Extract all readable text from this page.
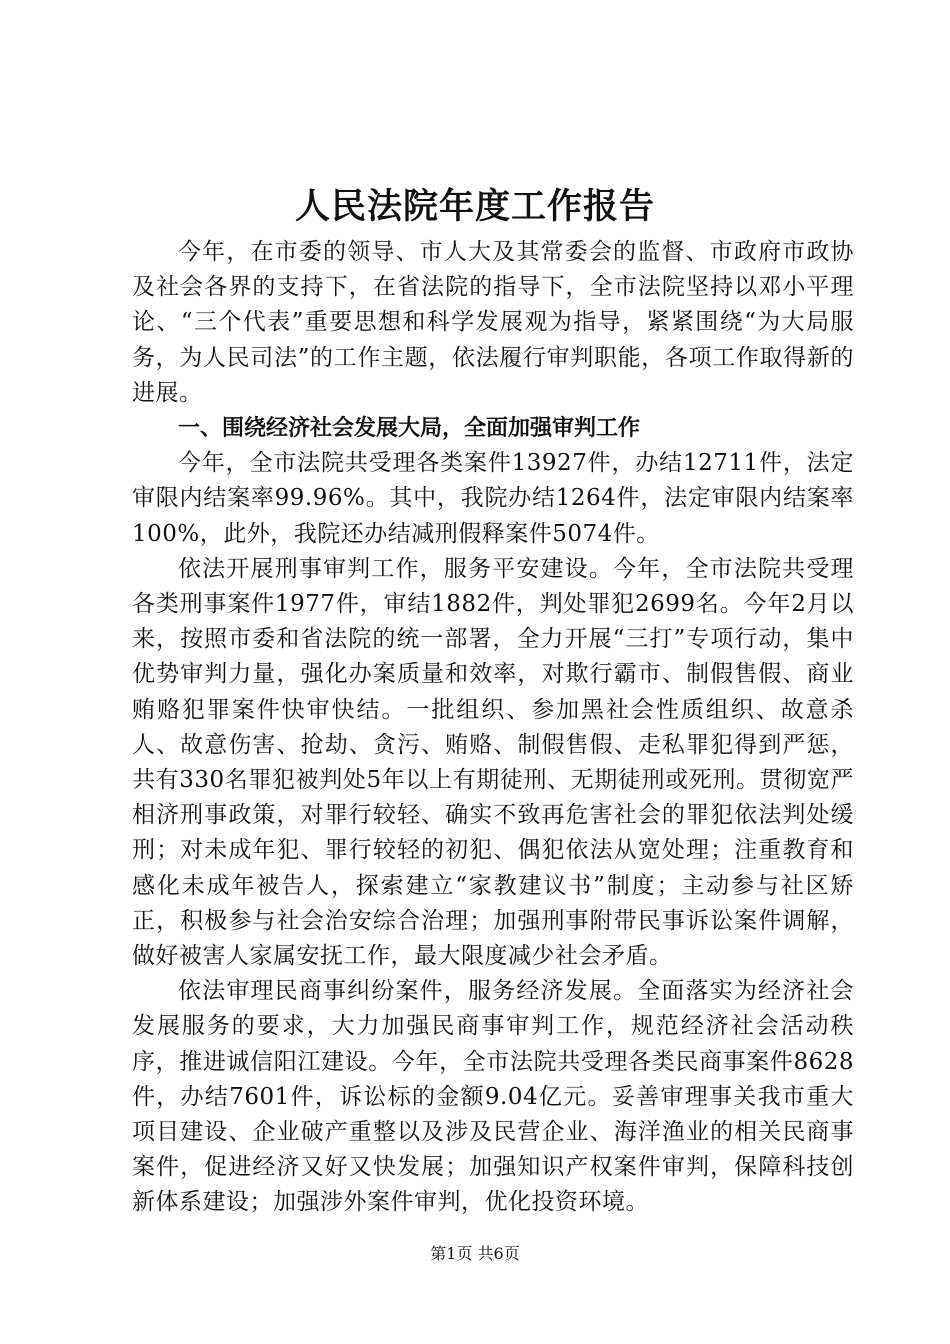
人民法院年度工作报告

今年，在市委的领导、市人大及其常委会的监督、市政府市政协及社会各界的支持下，在省法院的指导下，全市法院坚持以邓小平理论、“三个代表”重要思想和科学发展观为指导，紧紧围绕“为大局服务，为人民司法”的工作主题，依法履行审判职能，各项工作取得新的进展。

一、围绕经济社会发展大局，全面加强审判工作

今年，全市法院共受理各类案件13927件，办结12711件，法定审限内结案率99.96%。其中，我院办结1264件，法定审限内结案率100%，此外，我院还办结减刑假释案件5074件。

依法开展刑事审判工作，服务平安建设。今年，全市法院共受理各类刑事案件1977件，审结1882件，判处罪犯2699名。今年2月以来，按照市委和省法院的统一部署，全力开展“三打”专项行动，集中优势审判力量，强化办案质量和效率，对欺行霸市、制假售假、商业贿赂犯罪案件快审快结。一批组织、参加黑社会性质组织、故意杀人、故意伤害、抢劫、贪污、贿赂、制假售假、走私罪犯得到严惩，共有330名罪犯被判处5年以上有期徒刑、无期徒刑或死刑。贯彻宽严相济刑事政策，对罪行较轻、确实不致再危害社会的罪犯依法判处缓刑；对未成年犯、罪行较轻的初犯、偶犯依法从宽处理；注重教育和感化未成年被告人，探索建立“家教建议书”制度；主动参与社区矫正，积极参与社会治安综合治理；加强刑事附带民事诉讼案件调解，做好被害人家属安抚工作，最大限度减少社会矛盾。

依法审理民商事纠纷案件，服务经济发展。全面落实为经济社会发展服务的要求，大力加强民商事审判工作，规范经济社会活动秩序，推进诚信阳江建设。今年，全市法院共受理各类民商事案件8628件，办结7601件，诉讼标的金额9.04亿元。妥善审理事关我市重大项目建设、企业破产重整以及涉及民营企业、海洋渔业的相关民商事案件，促进经济又好又快发展；加强知识产权案件审判，保障科技创新体系建设；加强涉外案件审判，优化投资环境。

第1页 共6页
